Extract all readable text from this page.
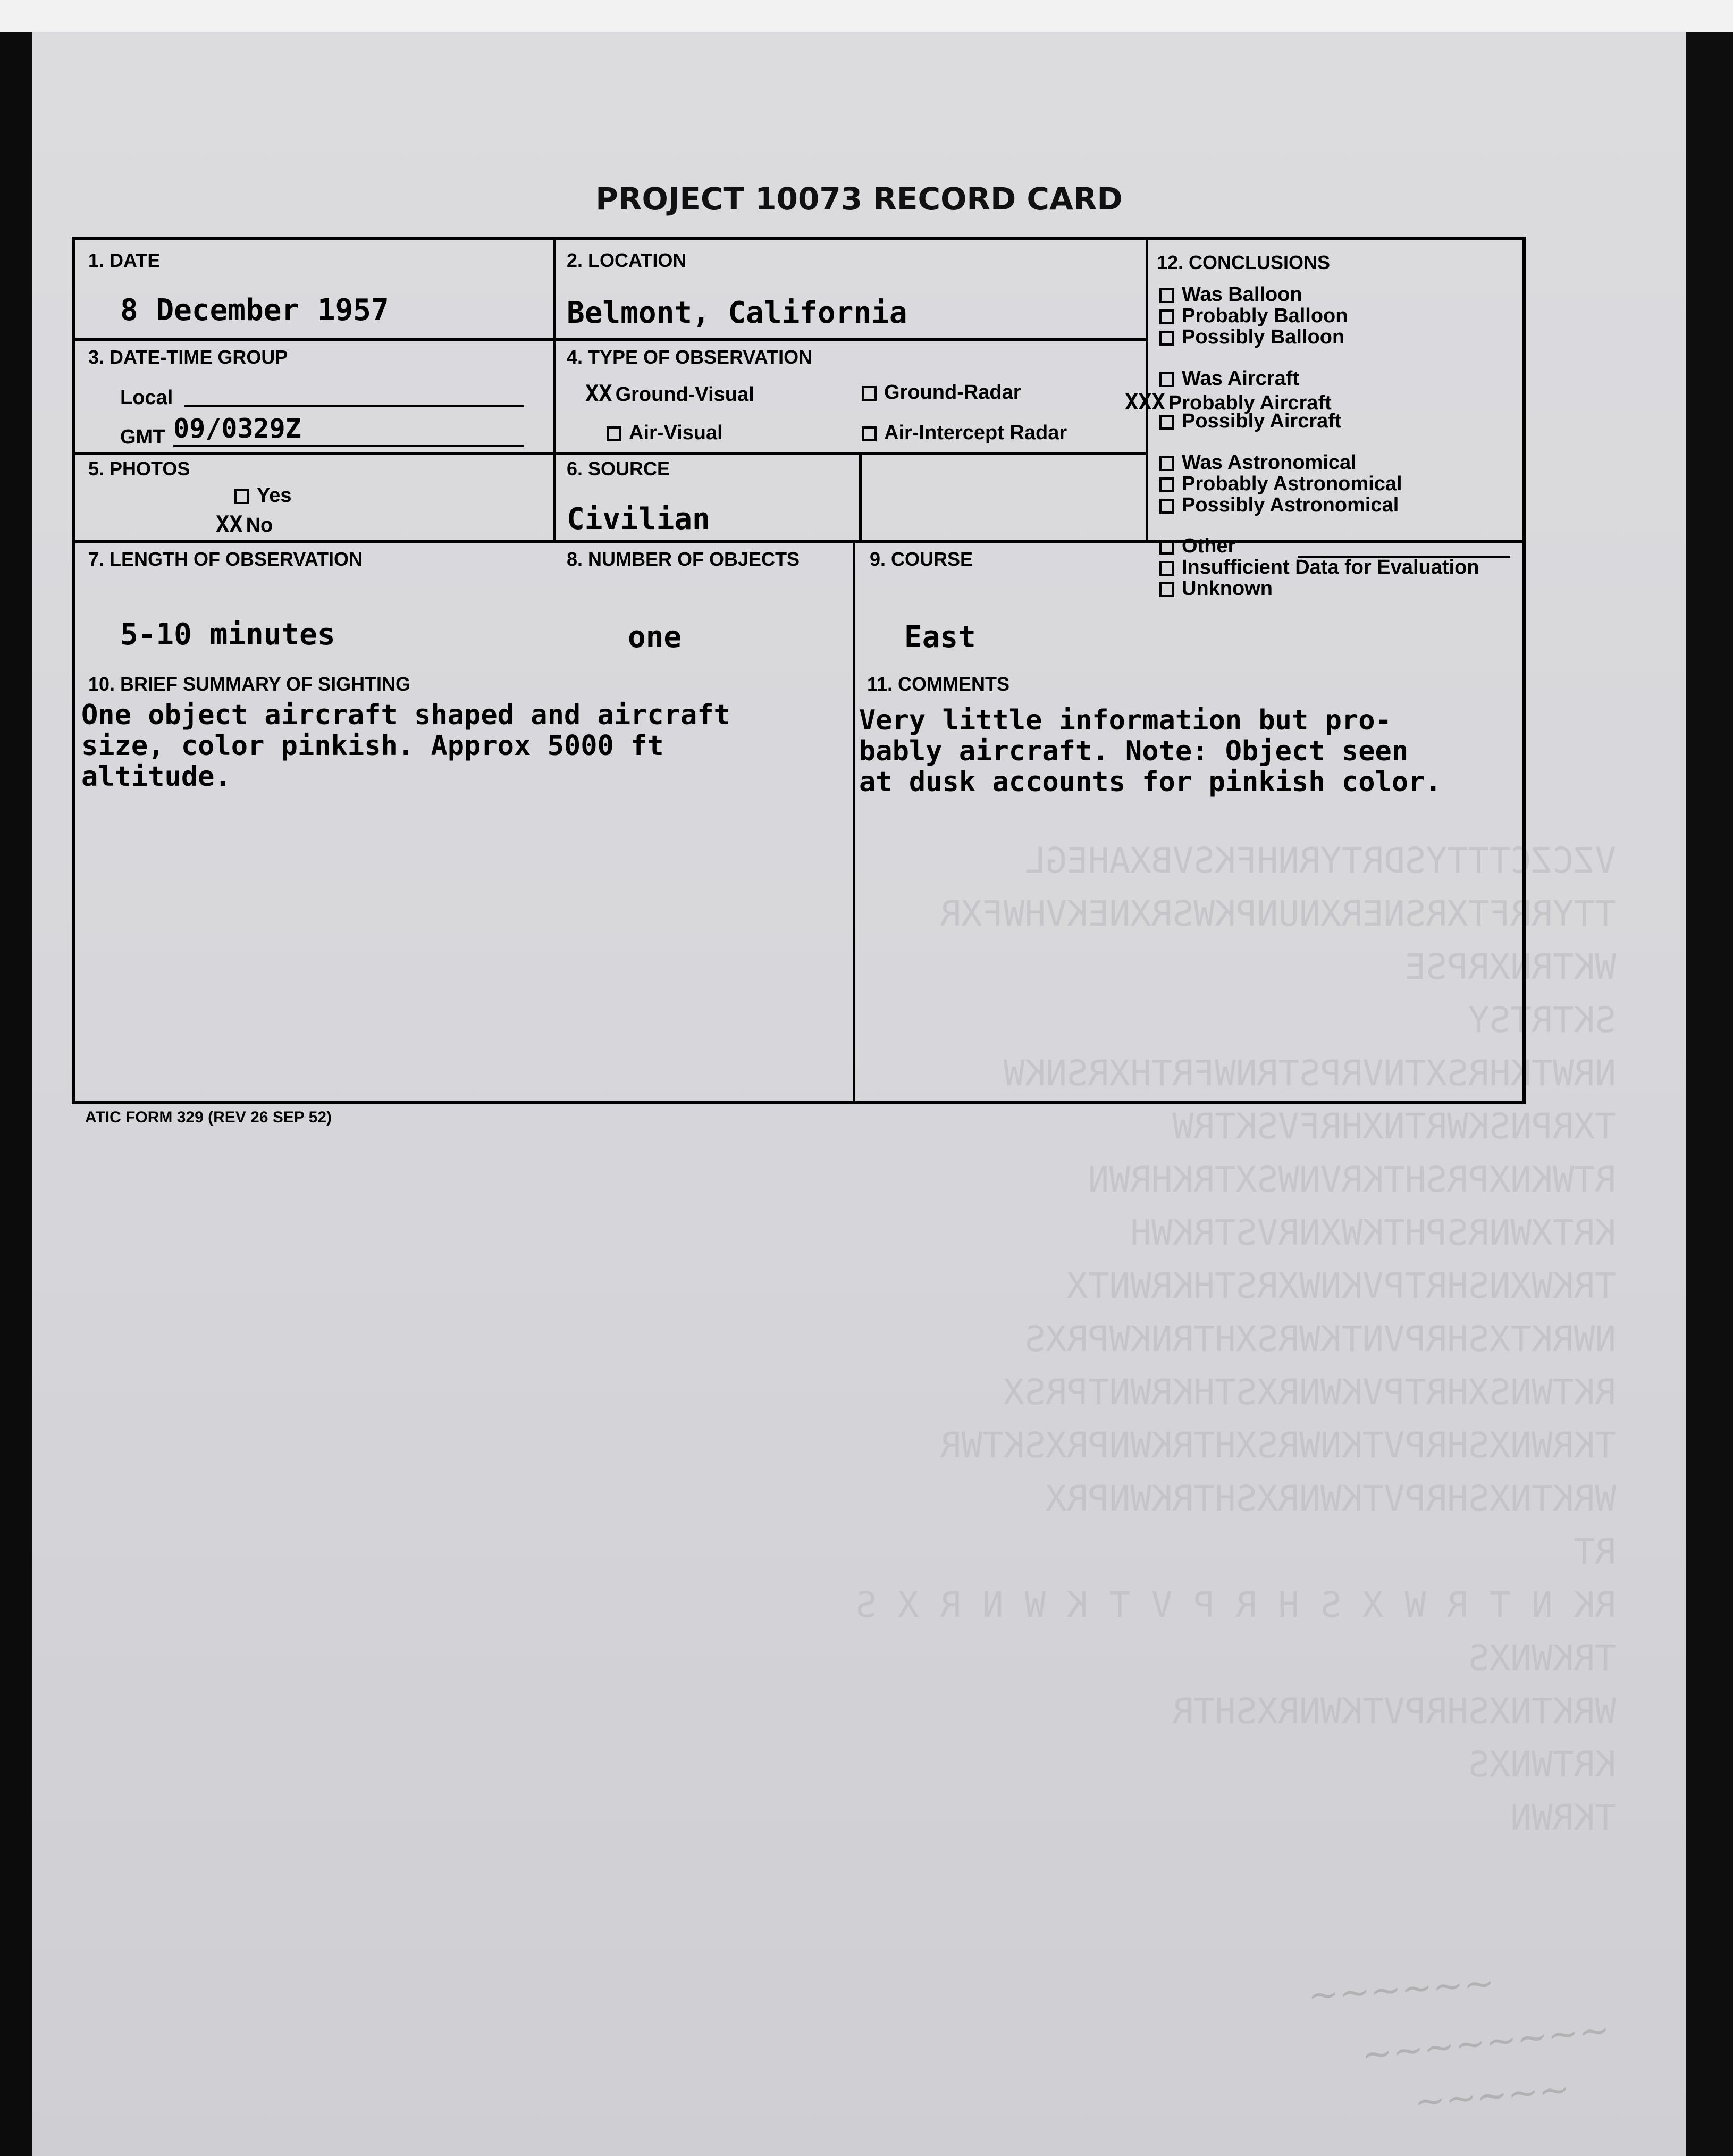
VZCZCTTTYSDRTYRNHFKSVBXAHEGL
TTYRRFTXRSNERXNUNPKWSRXNEKVHWFXR
WKTRNXRPSE
SKTRTSY
NRWTKHRSXTNVRPSTRNWFRTHXRSNKW
TXRPNSKWRTNXHRFVSKTRW
RTWKNXPRSHTKRVNWSXTRKHRWN
KRTXWNRSPHTKWXNRVSTRKWH
TRKWXNSHRTPVKNWXRSTHKRWNTX
NWRKTXSHRPVNTKWRSXHTRNKWPRXS
RKTWNSXHRTPVKWNRXSTHKRWNTPRSX
TKRWNXSHRPVTKNWRSXHTRKWNPRXSKTWR
WRKTNXSHRPVTKWNRXSHTRKWNPRX
RT
RK N T R W X S H R P V T K W N R X S
TRKWNXS
WRKTNXSHRPVTKWNRXSHTR
KRTWNXS
TKRWN
PROJECT 10073 RECORD CARD
1. DATE
8 December 1957
2. LOCATION
Belmont, California
3. DATE-TIME GROUP
Local
GMT 09/0329Z
4. TYPE OF OBSERVATION
XX Ground-Visual	Ground-Radar
Air-Visual	Air-Intercept Radar
5. PHOTOS
Yes
XX No
6. SOURCE
Civilian
7. LENGTH OF OBSERVATION
5-10 minutes
8. NUMBER OF OBJECTS
one
9. COURSE
East
12. CONCLUSIONS
Was Balloon
Probably Balloon
Possibly Balloon
Was Aircraft
XXX Probably Aircraft
Possibly Aircraft
Was Astronomical
Probably Astronomical
Possibly Astronomical
Other
Insufficient Data for Evaluation
Unknown
10. BRIEF SUMMARY OF SIGHTING
One object aircraft shaped and aircraft
size, color pinkish. Approx 5000 ft
altitude.
11. COMMENTS
Very little information but pro-
bably aircraft. Note: Object seen
at dusk accounts for pinkish color.
ATIC FORM 329 (REV 26 SEP 52)
~~~~~~
~~~~~~~~
~~~~~
